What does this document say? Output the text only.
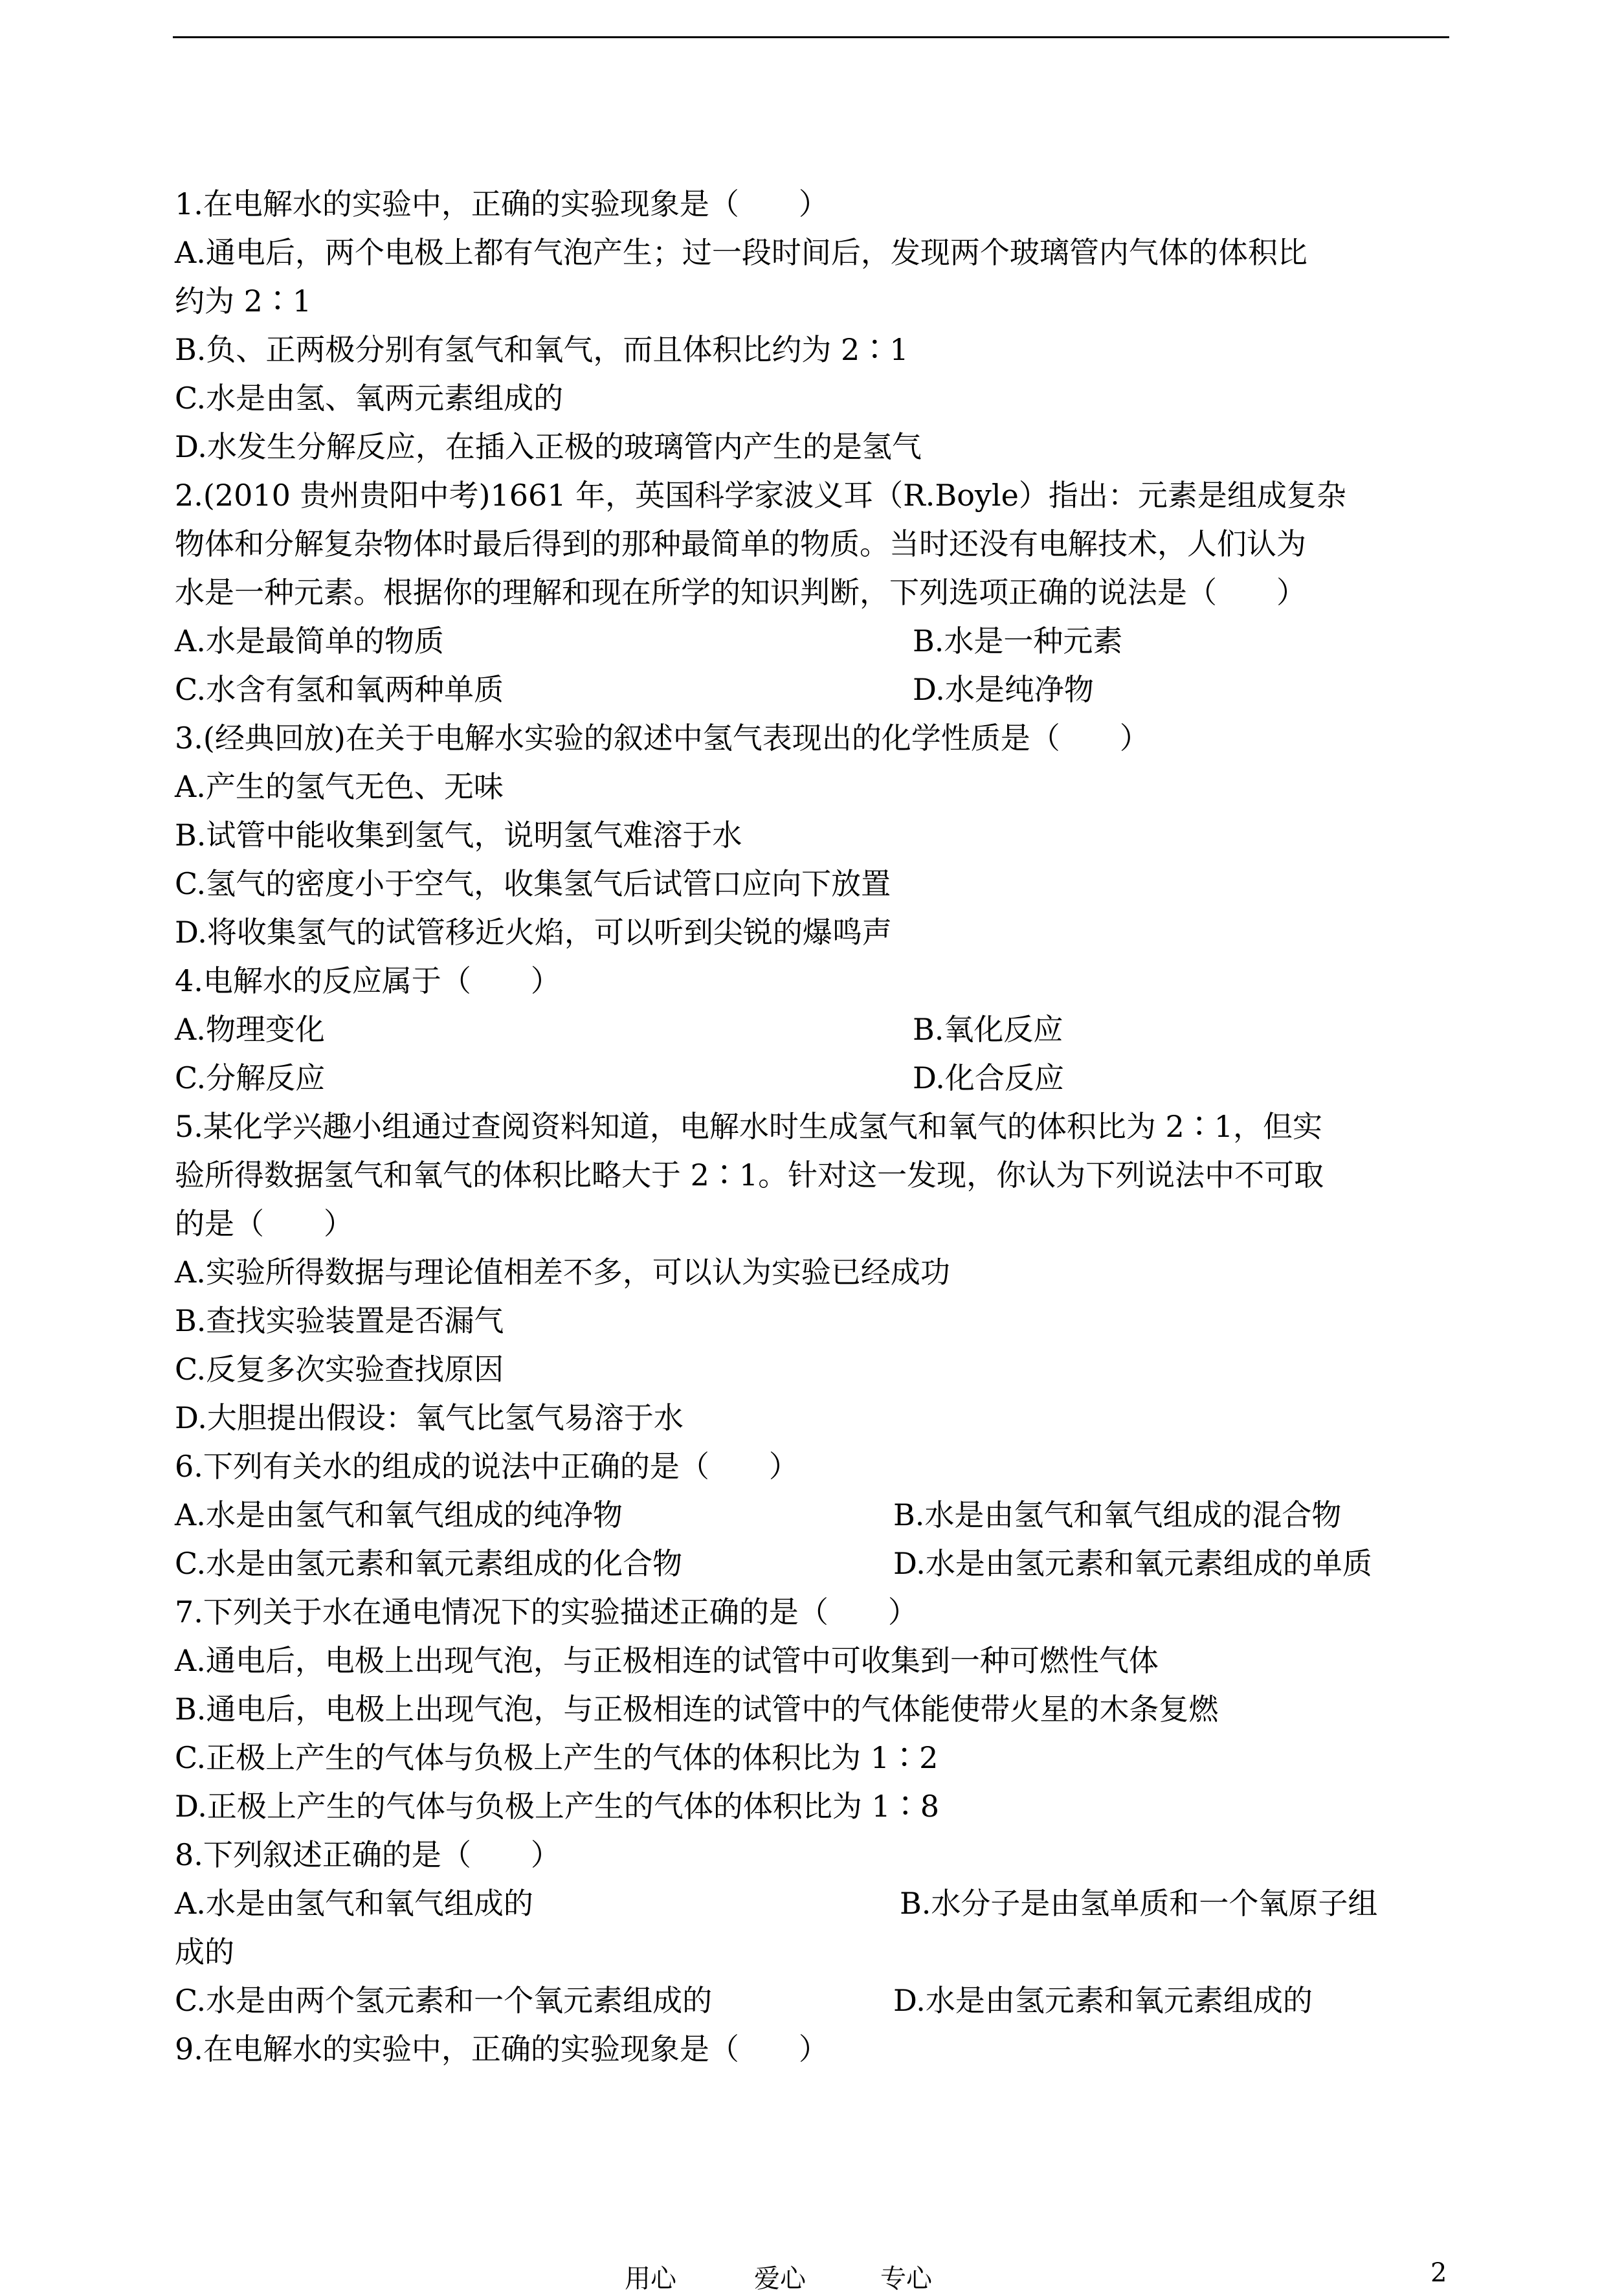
1.在电解水的实验中，正确的实验现象是（　　）
A.通电后，两个电极上都有气泡产生；过一段时间后，发现两个玻璃管内气体的体积比
约为 2∶1
B.负、正两极分别有氢气和氧气，而且体积比约为 2∶1
C.水是由氢、氧两元素组成的
D.水发生分解反应，在插入正极的玻璃管内产生的是氢气
2.(2010 贵州贵阳中考)1661 年，英国科学家波义耳（R.Boyle）指出：元素是组成复杂
物体和分解复杂物体时最后得到的那种最简单的物质。当时还没有电解技术，人们认为
水是一种元素。根据你的理解和现在所学的知识判断，下列选项正确的说法是（　　）
A.水是最简单的物质	B.水是一种元素
C.水含有氢和氧两种单质	D.水是纯净物
3.(经典回放)在关于电解水实验的叙述中氢气表现出的化学性质是（　　）
A.产生的氢气无色、无味
B.试管中能收集到氢气，说明氢气难溶于水
C.氢气的密度小于空气，收集氢气后试管口应向下放置
D.将收集氢气的试管移近火焰，可以听到尖锐的爆鸣声
4.电解水的反应属于（　　）
A.物理变化	B.氧化反应
C.分解反应	D.化合反应
5.某化学兴趣小组通过查阅资料知道，电解水时生成氢气和氧气的体积比为 2∶1，但实
验所得数据氢气和氧气的体积比略大于 2∶1。针对这一发现，你认为下列说法中不可取
的是（　　）
A.实验所得数据与理论值相差不多，可以认为实验已经成功
B.查找实验装置是否漏气
C.反复多次实验查找原因
D.大胆提出假设：氧气比氢气易溶于水
6.下列有关水的组成的说法中正确的是（　　）
A.水是由氢气和氧气组成的纯净物	B.水是由氢气和氧气组成的混合物
C.水是由氢元素和氧元素组成的化合物	D.水是由氢元素和氧元素组成的单质
7.下列关于水在通电情况下的实验描述正确的是（　　）
A.通电后，电极上出现气泡，与正极相连的试管中可收集到一种可燃性气体
B.通电后，电极上出现气泡，与正极相连的试管中的气体能使带火星的木条复燃
C.正极上产生的气体与负极上产生的气体的体积比为 1∶2
D.正极上产生的气体与负极上产生的气体的体积比为 1∶8
8.下列叙述正确的是（　　）
A.水是由氢气和氧气组成的	B.水分子是由氢单质和一个氧原子组
成的
C.水是由两个氢元素和一个氧元素组成的	D.水是由氢元素和氧元素组成的
9.在电解水的实验中，正确的实验现象是（　　）
用心	爱心	专心	2
